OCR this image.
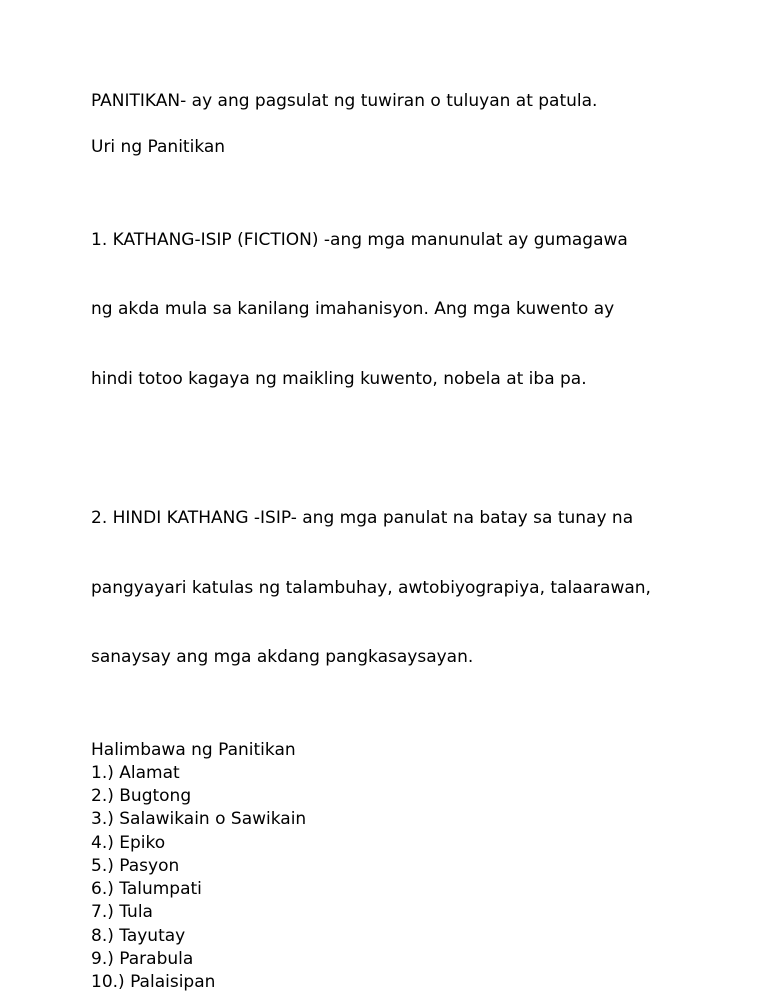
PANITIKAN- ay ang pagsulat ng tuwiran o tuluyan at patula.

Uri ng Panitikan

1. KATHANG-ISIP (FICTION) -ang mga manunulat ay gumagawa

ng akda mula sa kanilang imahanisyon. Ang mga kuwento ay

hindi totoo kagaya ng maikling kuwento, nobela at iba pa.

2. HINDI KATHANG -ISIP- ang mga panulat na batay sa tunay na

pangyayari katulas ng talambuhay, awtobiyograpiya, talaarawan,

sanaysay ang mga akdang pangkasaysayan.

Halimbawa ng Panitikan
1.) Alamat
2.) Bugtong
3.) Salawikain o Sawikain
4.) Epiko
5.) Pasyon
6.) Talumpati
7.) Tula
8.) Tayutay
9.) Parabula
10.) Palaisipan
